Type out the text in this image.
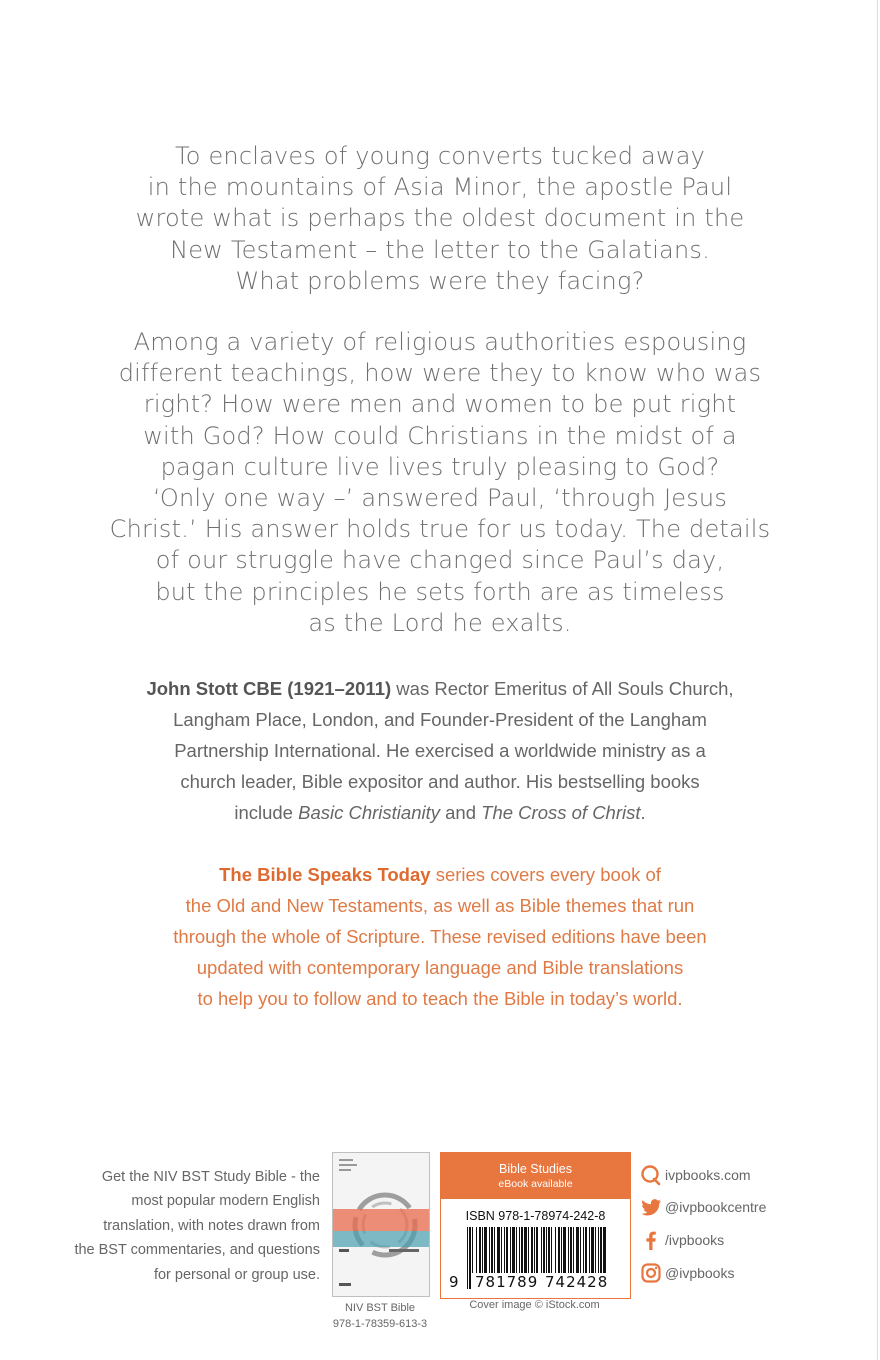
To enclaves of young converts tucked away
in the mountains of Asia Minor, the apostle Paul
wrote what is perhaps the oldest document in the
New Testament – the letter to the Galatians.
What problems were they facing?
Among a variety of religious authorities espousing
different teachings, how were they to know who was
right? How were men and women to be put right
with God? How could Christians in the midst of a
pagan culture live lives truly pleasing to God?
‘Only one way –’ answered Paul, ‘through Jesus
Christ.’ His answer holds true for us today. The details
of our struggle have changed since Paul’s day,
but the principles he sets forth are as timeless
as the Lord he exalts.
John Stott CBE (1921–2011) was Rector Emeritus of All Souls Church,
Langham Place, London, and Founder-President of the Langham
Partnership International. He exercised a worldwide ministry as a
church leader, Bible expositor and author. His bestselling books
include Basic Christianity and The Cross of Christ.
The Bible Speaks Today series covers every book of
the Old and New Testaments, as well as Bible themes that run
through the whole of Scripture. These revised editions have been
updated with contemporary language and Bible translations
to help you to follow and to teach the Bible in today’s world.
Get the NIV BST Study Bible - the
most popular modern English
translation, with notes drawn from
the BST commentaries, and questions
for personal or group use.
NIV BST Bible
978-1-78359-613-3
Bible Studies
eBook available
ISBN 978-1-78974-242-8
9 781789 742428
Cover image © iStock.com
ivpbooks.com
@ivpbookcentre
/ivpbooks
@ivpbooks
